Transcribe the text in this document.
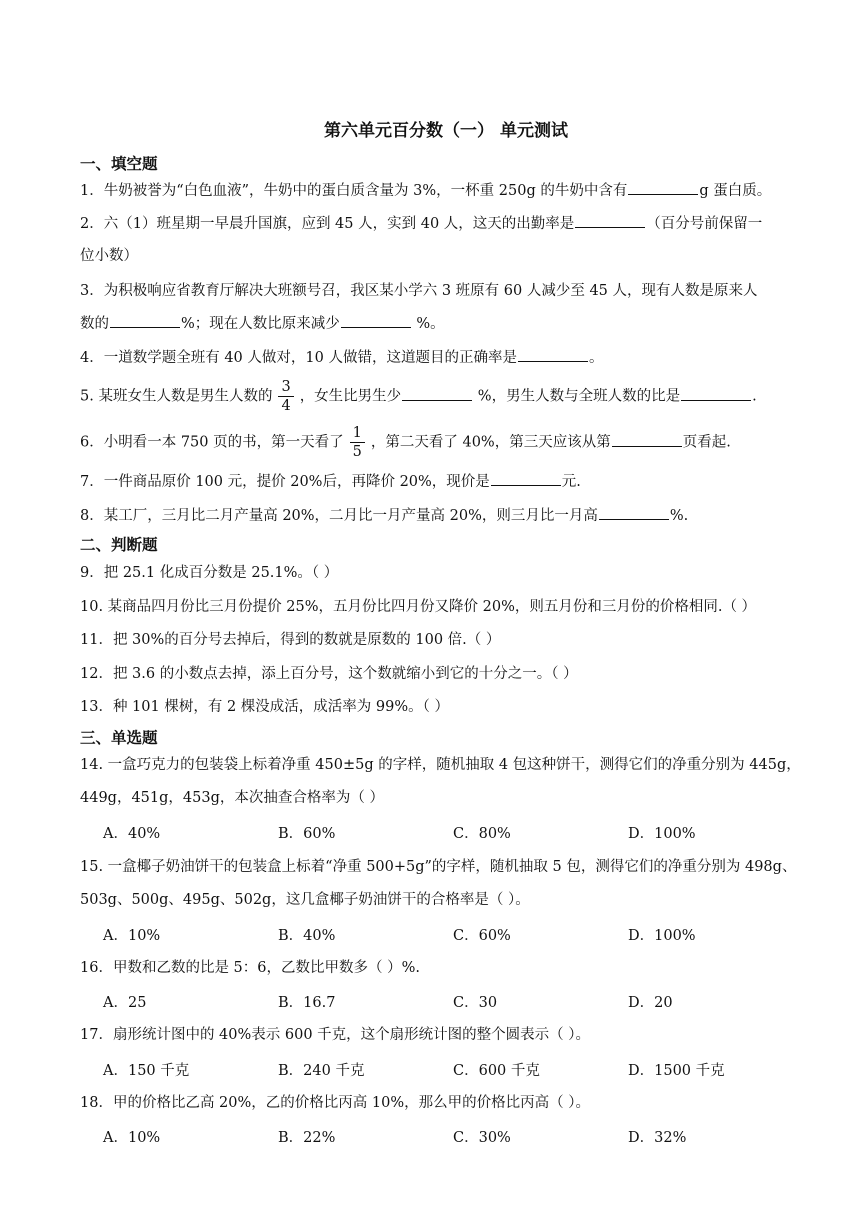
第六单元百分数（一） 单元测试
一、填空题
1．牛奶被誉为“白色血液”，牛奶中的蛋白质含量为 3%，一杯重 250g 的牛奶中含有	g 蛋白质。
2．六（1）班星期一早晨升国旗，应到 45 人，实到 40 人，这天的出勤率是	（百分号前保留一
位小数）
3．为积极响应省教育厅解决大班额号召，我区某小学六 3 班原有 60 人减少至 45 人，现有人数是原来人
数的	%；现在人数比原来减少	%。
4．一道数学题全班有 40 人做对，10 人做错，这道题目的正确率是	。
5. 某班女生人数是男生人数的 $\frac{3}{4}$ ，女生比男生少	%，男生人数与全班人数的比是	.
6．小明看一本 750 页的书，第一天看了 $\frac{1}{5}$ ，第二天看了 40%，第三天应该从第	页看起.
7．一件商品原价 100 元，提价 20%后，再降价 20%，现价是	元.
8．某工厂，三月比二月产量高 20%，二月比一月产量高 20%，则三月比一月高	%.
二、判断题
9．把 25.1 化成百分数是 25.1%。（ ）
10. 某商品四月份比三月份提价 25%，五月份比四月份又降价 20%，则五月份和三月份的价格相同.（ ）
11．把 30%的百分号去掉后，得到的数就是原数的 100 倍.（ ）
12．把 3.6 的小数点去掉，添上百分号，这个数就缩小到它的十分之一。（ ）
13．种 101 棵树，有 2 棵没成活，成活率为 99%。（ ）
三、单选题
14. 一盒巧克力的包装袋上标着净重 450±5g 的字样，随机抽取 4 包这种饼干，测得它们的净重分别为 445g，
449g，451g，453g，本次抽查合格率为（ ）
A．40%	B．60%	C．80%	D．100%
15. 一盒椰子奶油饼干的包装盒上标着“净重 500+5g”的字样，随机抽取 5 包，测得它们的净重分别为 498g、
503g、500g、495g、502g，这几盒椰子奶油饼干的合格率是（ ）。
A．10%	B．40%	C．60%	D．100%
16．甲数和乙数的比是 5：6，乙数比甲数多（ ）%.
A．25	B．16.7	C．30	D．20
17．扇形统计图中的 40%表示 600 千克，这个扇形统计图的整个圆表示（ ）。
A．150 千克	B．240 千克	C．600 千克	D．1500 千克
18．甲的价格比乙高 20%，乙的价格比丙高 10%，那么甲的价格比丙高（ ）。
A．10%	B．22%	C．30%	D．32%
